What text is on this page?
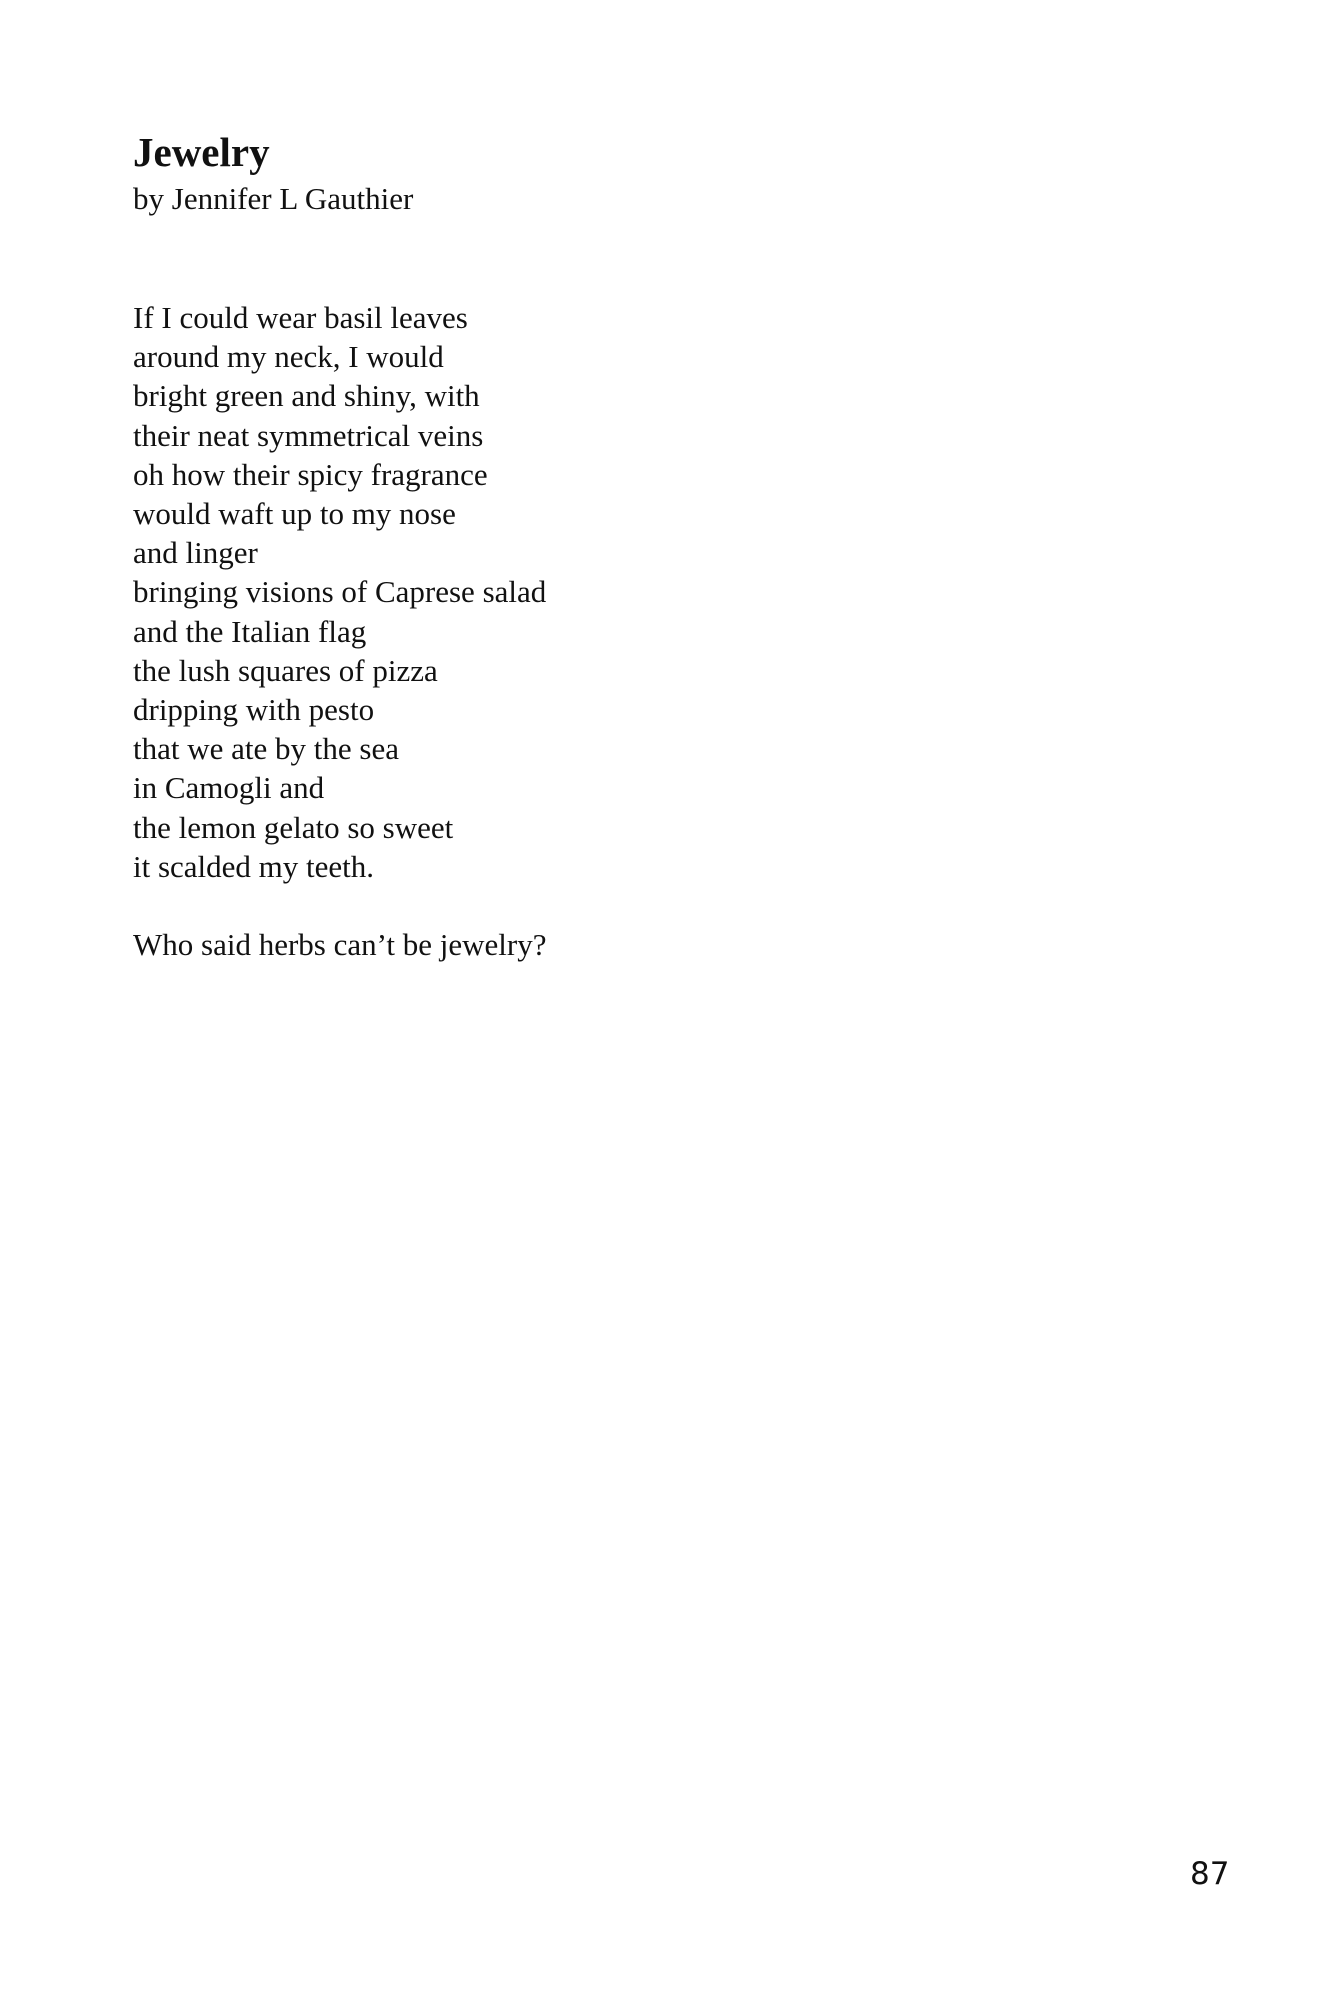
Jewelry
by Jennifer L Gauthier
If I could wear basil leaves
around my neck, I would
bright green and shiny, with
their neat symmetrical veins
oh how their spicy fragrance
would waft up to my nose
and linger
bringing visions of Caprese salad
and the Italian flag
the lush squares of pizza
dripping with pesto
that we ate by the sea
in Camogli and
the lemon gelato so sweet
it scalded my teeth.
Who said herbs can’t be jewelry?
87
